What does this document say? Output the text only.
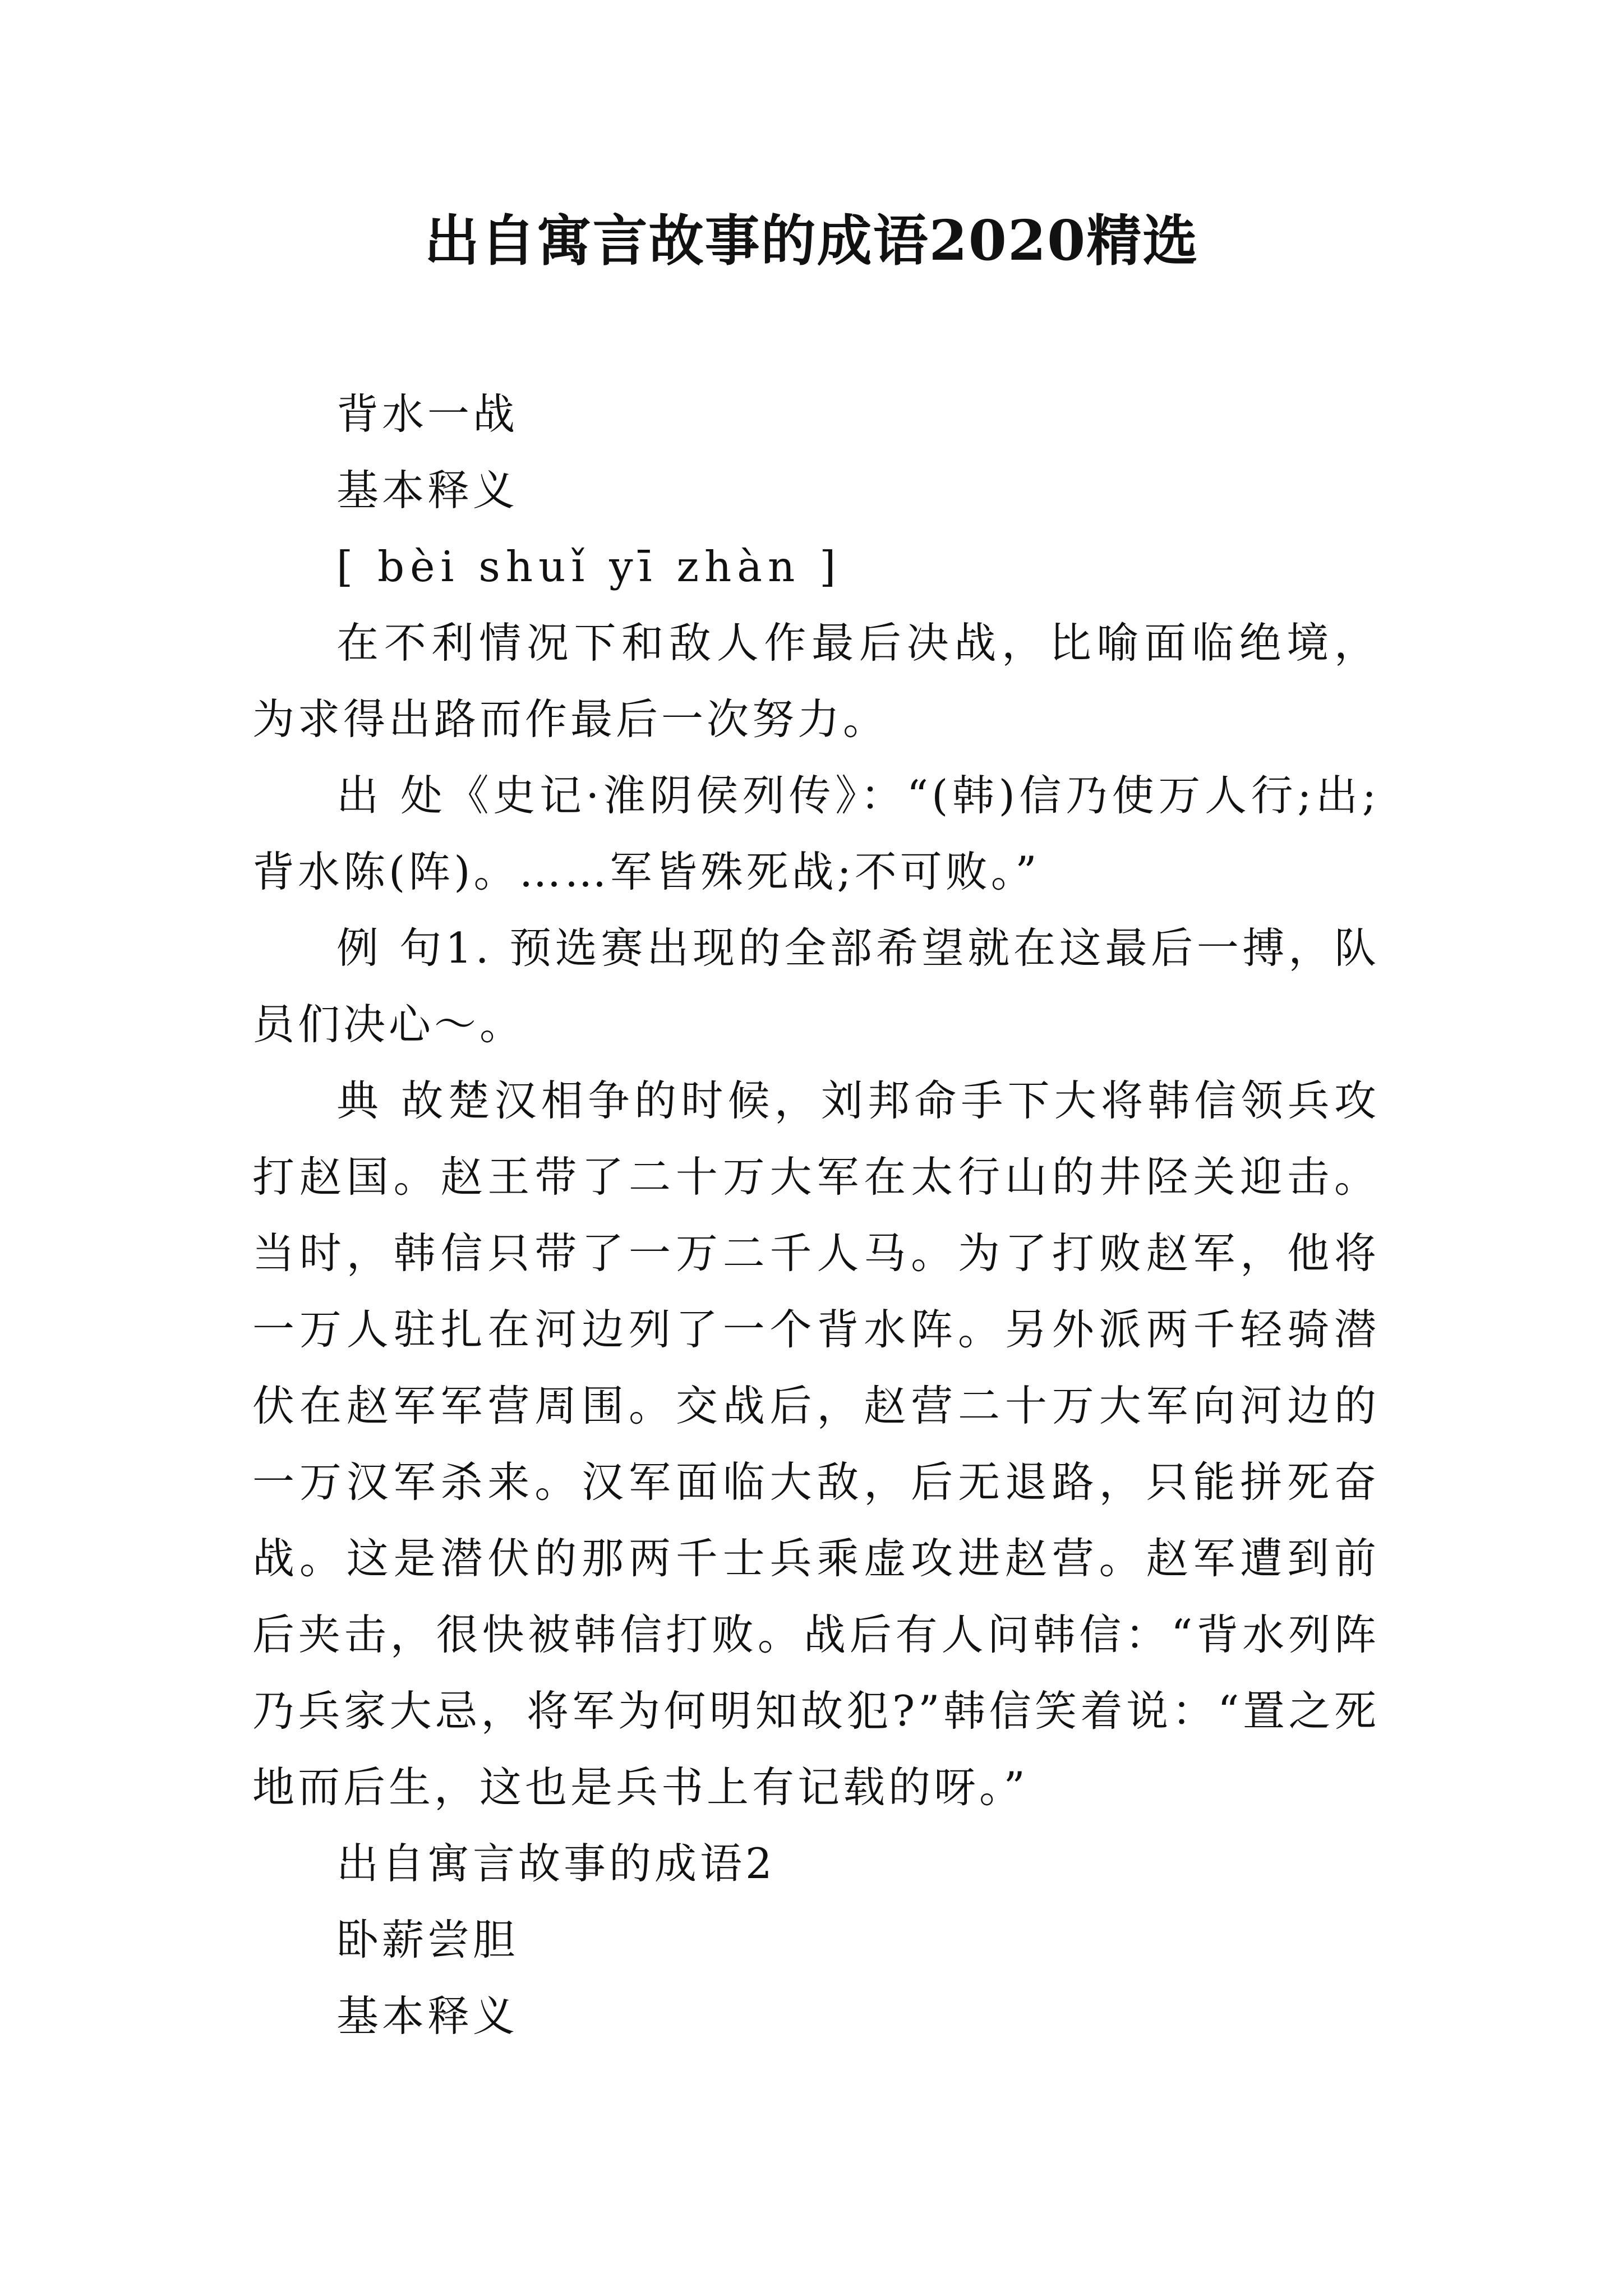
出自寓言故事的成语2020精选

背水一战

基本释义

[ bèi shuǐ yī zhàn ]

在不利情况下和敌人作最后决战，比喻面临绝境，为求得出路而作最后一次努力。

出 处《史记·淮阴侯列传》：“(韩)信乃使万人行;出;背水陈(阵)。……军皆殊死战;不可败。”

例 句1. 预选赛出现的全部希望就在这最后一搏，队员们决心～。

典 故楚汉相争的时候，刘邦命手下大将韩信领兵攻打赵国。赵王带了二十万大军在太行山的井陉关迎击。 当时，韩信只带了一万二千人马。为了打败赵军，他将一万人驻扎在河边列了一个背水阵。另外派两千轻骑潜伏在赵军军营周围。交战后，赵营二十万大军向河边的一万汉军杀来。汉军面临大敌，后无退路，只能拼死奋战。这是潜伏的那两千士兵乘虚攻进赵营。赵军遭到前后夹击，很快被韩信打败。战后有人问韩信：“背水列阵乃兵家大忌，将军为何明知故犯?”韩信笑着说：“置之死地而后生，这也是兵书上有记载的呀。”

出自寓言故事的成语2

卧薪尝胆

基本释义
